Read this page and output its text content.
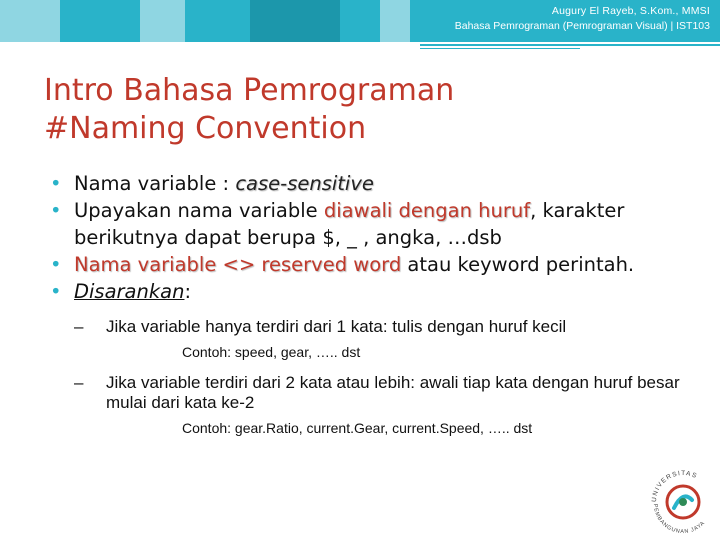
Augury El Rayeb, S.Kom., MMSI
Bahasa Pemrograman (Pemrograman Visual) | IST103
Intro Bahasa Pemrograman
#Naming Convention
• Nama variable : case-sensitive
• Upayakan nama variable diawali dengan huruf, karakter berikutnya dapat berupa $, _ , angka, …dsb
• Nama variable <> reserved word atau keyword perintah.
• Disarankan:
– Jika variable hanya terdiri dari 1 kata: tulis dengan huruf kecil
Contoh: speed, gear, ….. dst
– Jika variable terdiri dari 2 kata atau lebih: awali tiap kata dengan huruf besar mulai dari kata ke-2
Contoh: gear.Ratio, current.Gear, current.Speed, ….. dst
UNIVERSITAS
PEMBANGUNAN JAYA
